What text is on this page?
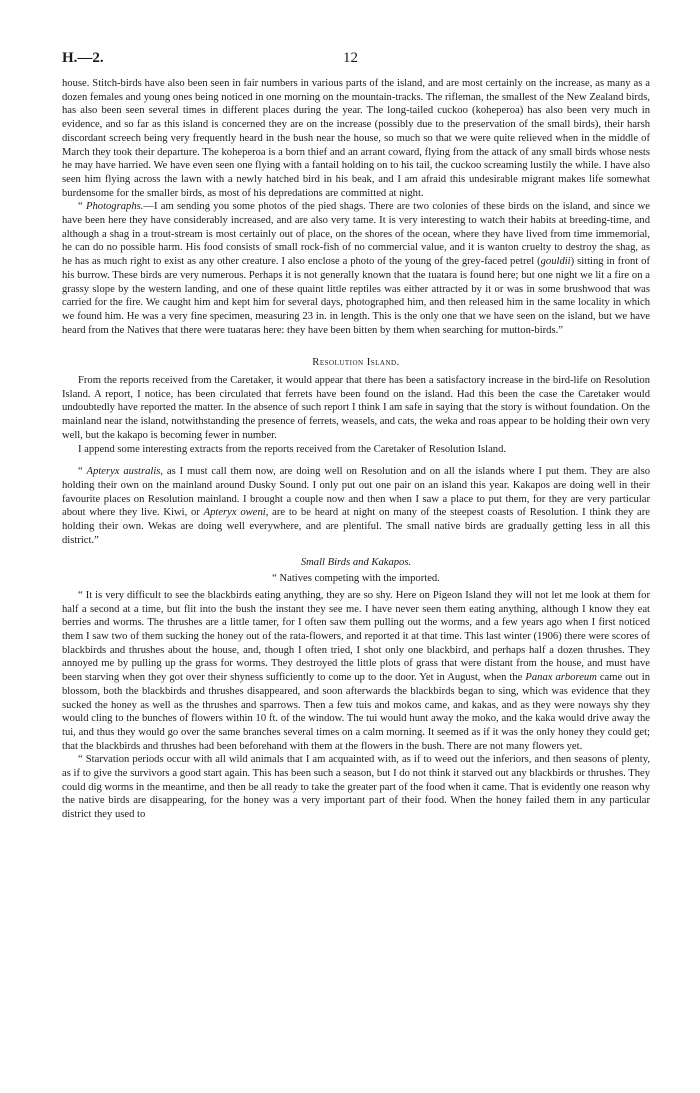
H.—2.	12

house. Stitch-birds have also been seen in fair numbers in various parts of the island, and are most certainly on the increase, as many as a dozen females and young ones being noticed in one morning on the mountain-tracks. The rifleman, the smallest of the New Zealand birds, has also been seen several times in different places during the year. The long-tailed cuckoo (koheperoa) has also been very much in evidence, and so far as this island is concerned they are on the increase (possibly due to the preservation of the small birds), their harsh discordant screech being very frequently heard in the bush near the house, so much so that we were quite relieved when in the middle of March they took their departure. The koheperoa is a born thief and an arrant coward, flying from the attack of any small birds whose nests he may have harried. We have even seen one flying with a fantail holding on to his tail, the cuckoo screaming lustily the while. I have also seen him flying across the lawn with a newly hatched bird in his beak, and I am afraid this undesirable migrant makes life somewhat burdensome for the smaller birds, as most of his depredations are committed at night.

“ Photographs.—I am sending you some photos of the pied shags. There are two colonies of these birds on the island, and since we have been here they have considerably increased, and are also very tame. It is very interesting to watch their habits at breeding-time, and although a shag in a trout-stream is most certainly out of place, on the shores of the ocean, where they have lived from time immemorial, he can do no possible harm. His food consists of small rock-fish of no commercial value, and it is wanton cruelty to destroy the shag, as he has as much right to exist as any other creature. I also enclose a photo of the young of the grey-faced petrel (gouldii) sitting in front of his burrow. These birds are very numerous. Perhaps it is not generally known that the tuatara is found here; but one night we lit a fire on a grassy slope by the western landing, and one of these quaint little reptiles was either attracted by it or was in some brushwood that was carried for the fire. We caught him and kept him for several days, photographed him, and then released him in the same locality in which we found him. He was a very fine specimen, measuring 23 in. in length. This is the only one that we have seen on the island, but we have heard from the Natives that there were tuataras here: they have been bitten by them when searching for mutton-birds.”

Resolution Island.

From the reports received from the Caretaker, it would appear that there has been a satisfactory increase in the bird-life on Resolution Island. A report, I notice, has been circulated that ferrets have been found on the island. Had this been the case the Caretaker would undoubtedly have reported the matter. In the absence of such report I think I am safe in saying that the story is without foundation. On the mainland near the island, notwithstanding the presence of ferrets, weasels, and cats, the weka and roas appear to be holding their own very well, but the kakapo is becoming fewer in number.

I append some interesting extracts from the reports received from the Caretaker of Resolution Island.

“ Apteryx australis, as I must call them now, are doing well on Resolution and on all the islands where I put them. They are also holding their own on the mainland around Dusky Sound. I only put out one pair on an island this year. Kakapos are doing well in their favourite places on Resolution mainland. I brought a couple now and then when I saw a place to put them, for they are very particular about where they live. Kiwi, or Apteryx oweni, are to be heard at night on many of the steepest coasts of Resolution. I think they are holding their own. Wekas are doing well everywhere, and are plentiful. The small native birds are gradually getting less in all this district.”

Small Birds and Kakapos.
“ Natives competing with the imported.

“ It is very difficult to see the blackbirds eating anything, they are so shy. Here on Pigeon Island they will not let me look at them for half a second at a time, but flit into the bush the instant they see me. I have never seen them eating anything, although I know they eat berries and worms. The thrushes are a little tamer, for I often saw them pulling out the worms, and a few years ago when I first noticed them I saw two of them sucking the honey out of the rata-flowers, and reported it at that time. This last winter (1906) there were scores of blackbirds and thrushes about the house, and, though I often tried, I shot only one blackbird, and perhaps half a dozen thrushes. They annoyed me by pulling up the grass for worms. They destroyed the little plots of grass that were distant from the house, and must have been starving when they got over their shyness sufficiently to come up to the door. Yet in August, when the Panax arboreum came out in blossom, both the blackbirds and thrushes disappeared, and soon afterwards the blackbirds began to sing, which was evidence that they sucked the honey as well as the thrushes and sparrows. Then a few tuis and mokos came, and kakas, and as they were noways shy they would cling to the bunches of flowers within 10 ft. of the window. The tui would hunt away the moko, and the kaka would drive away the tui, and thus they would go over the same branches several times on a calm morning. It seemed as if it was the only honey they could get; that the blackbirds and thrushes had been beforehand with them at the flowers in the bush. There are not many flowers yet.

“ Starvation periods occur with all wild animals that I am acquainted with, as if to weed out the inferiors, and then seasons of plenty, as if to give the survivors a good start again. This has been such a season, but I do not think it starved out any blackbirds or thrushes. They could dig worms in the meantime, and then be all ready to take the greater part of the food when it came. That is evidently one reason why the native birds are disappearing, for the honey was a very important part of their food. When the honey failed them in any particular district they used to
